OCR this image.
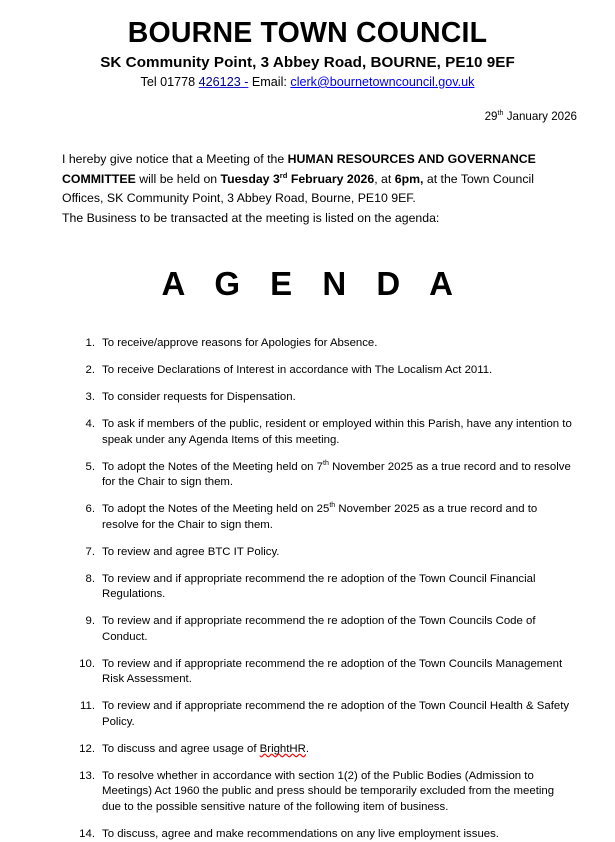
BOURNE TOWN COUNCIL
SK Community Point, 3 Abbey Road, BOURNE, PE10 9EF
Tel 01778 426123 - Email: clerk@bournetowncouncil.gov.uk
29th January 2026
I hereby give notice that a Meeting of the HUMAN RESOURCES AND GOVERNANCE COMMITTEE will be held on Tuesday 3rd February 2026, at 6pm, at the Town Council Offices, SK Community Point, 3 Abbey Road, Bourne, PE10 9EF.
The Business to be transacted at the meeting is listed on the agenda:
A G E N D A
1. To receive/approve reasons for Apologies for Absence.
2. To receive Declarations of Interest in accordance with The Localism Act 2011.
3. To consider requests for Dispensation.
4. To ask if members of the public, resident or employed within this Parish, have any intention to speak under any Agenda Items of this meeting.
5. To adopt the Notes of the Meeting held on 7th November 2025 as a true record and to resolve for the Chair to sign them.
6. To adopt the Notes of the Meeting held on 25th November 2025 as a true record and to resolve for the Chair to sign them.
7. To review and agree BTC IT Policy.
8. To review and if appropriate recommend the re adoption of the Town Council Financial Regulations.
9. To review and if appropriate recommend the re adoption of the Town Councils Code of Conduct.
10. To review and if appropriate recommend the re adoption of the Town Councils Management Risk Assessment.
11. To review and if appropriate recommend the re adoption of the Town Council Health & Safety Policy.
12. To discuss and agree usage of BrightHR.
13. To resolve whether in accordance with section 1(2) of the Public Bodies (Admission to Meetings) Act 1960 the public and press should be temporarily excluded from the meeting due to the possible sensitive nature of the following item of business.
14. To discuss, agree and make recommendations on any live employment issues.
